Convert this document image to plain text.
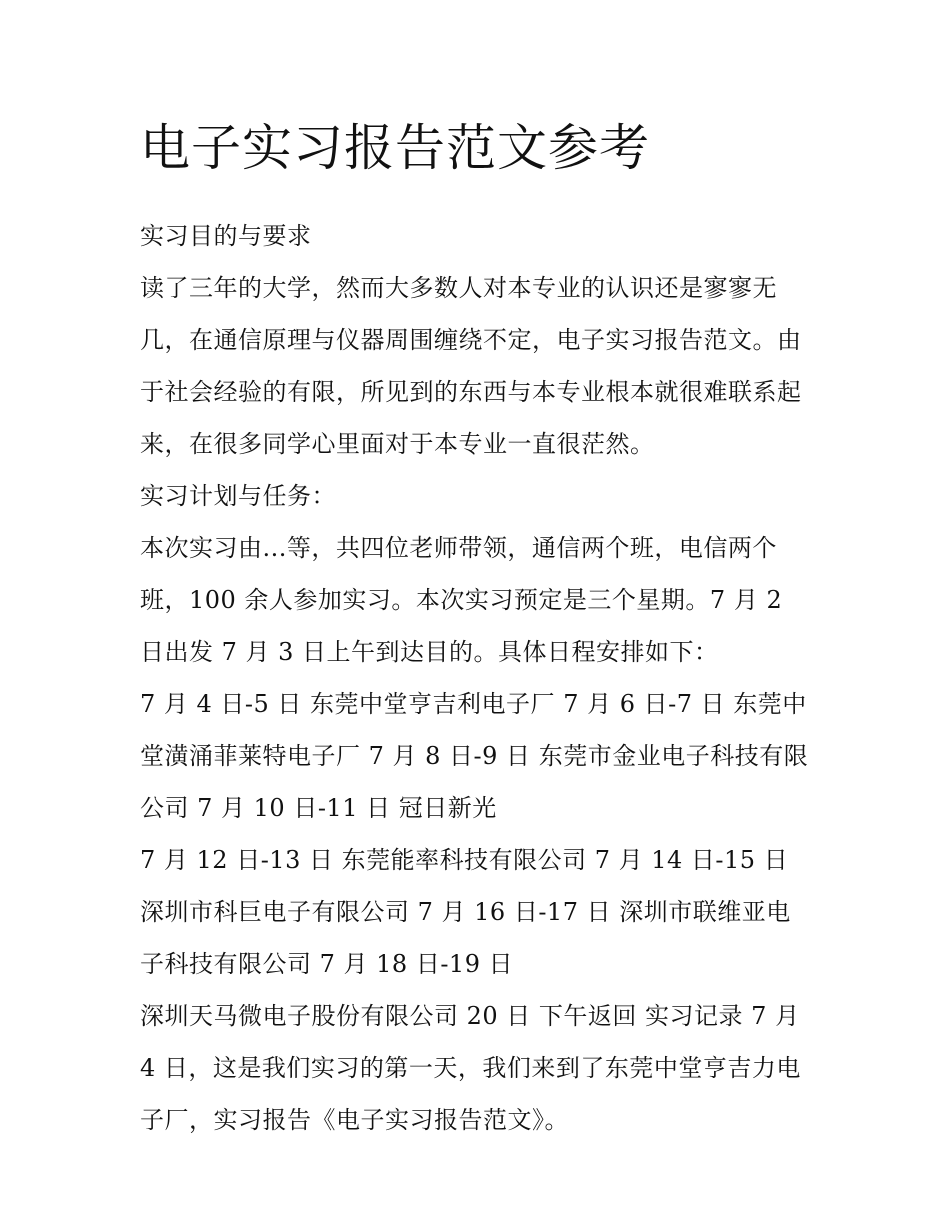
电子实习报告范文参考

实习目的与要求

读了三年的大学，然而大多数人对本专业的认识还是寥寥无几，在通信原理与仪器周围缠绕不定，电子实习报告范文。由于社会经验的有限，所见到的东西与本专业根本就很难联系起来，在很多同学心里面对于本专业一直很茫然。

实习计划与任务：

本次实习由...等，共四位老师带领，通信两个班，电信两个班，100 余人参加实习。本次实习预定是三个星期。7 月 2 日出发 7 月 3 日上午到达目的。具体日程安排如下：

7 月 4 日-5 日 东莞中堂亨吉利电子厂 7 月 6 日-7 日 东莞中堂潢涌菲莱特电子厂 7 月 8 日-9 日 东莞市金业电子科技有限公司 7 月 10 日-11 日 冠日新光

7 月 12 日-13 日 东莞能率科技有限公司 7 月 14 日-15 日 深圳市科巨电子有限公司 7 月 16 日-17 日 深圳市联维亚电子科技有限公司 7 月 18 日-19 日

深圳天马微电子股份有限公司 20 日 下午返回 实习记录 7 月 4 日，这是我们实习的第一天，我们来到了东莞中堂亨吉力电子厂，实习报告《电子实习报告范文》。
